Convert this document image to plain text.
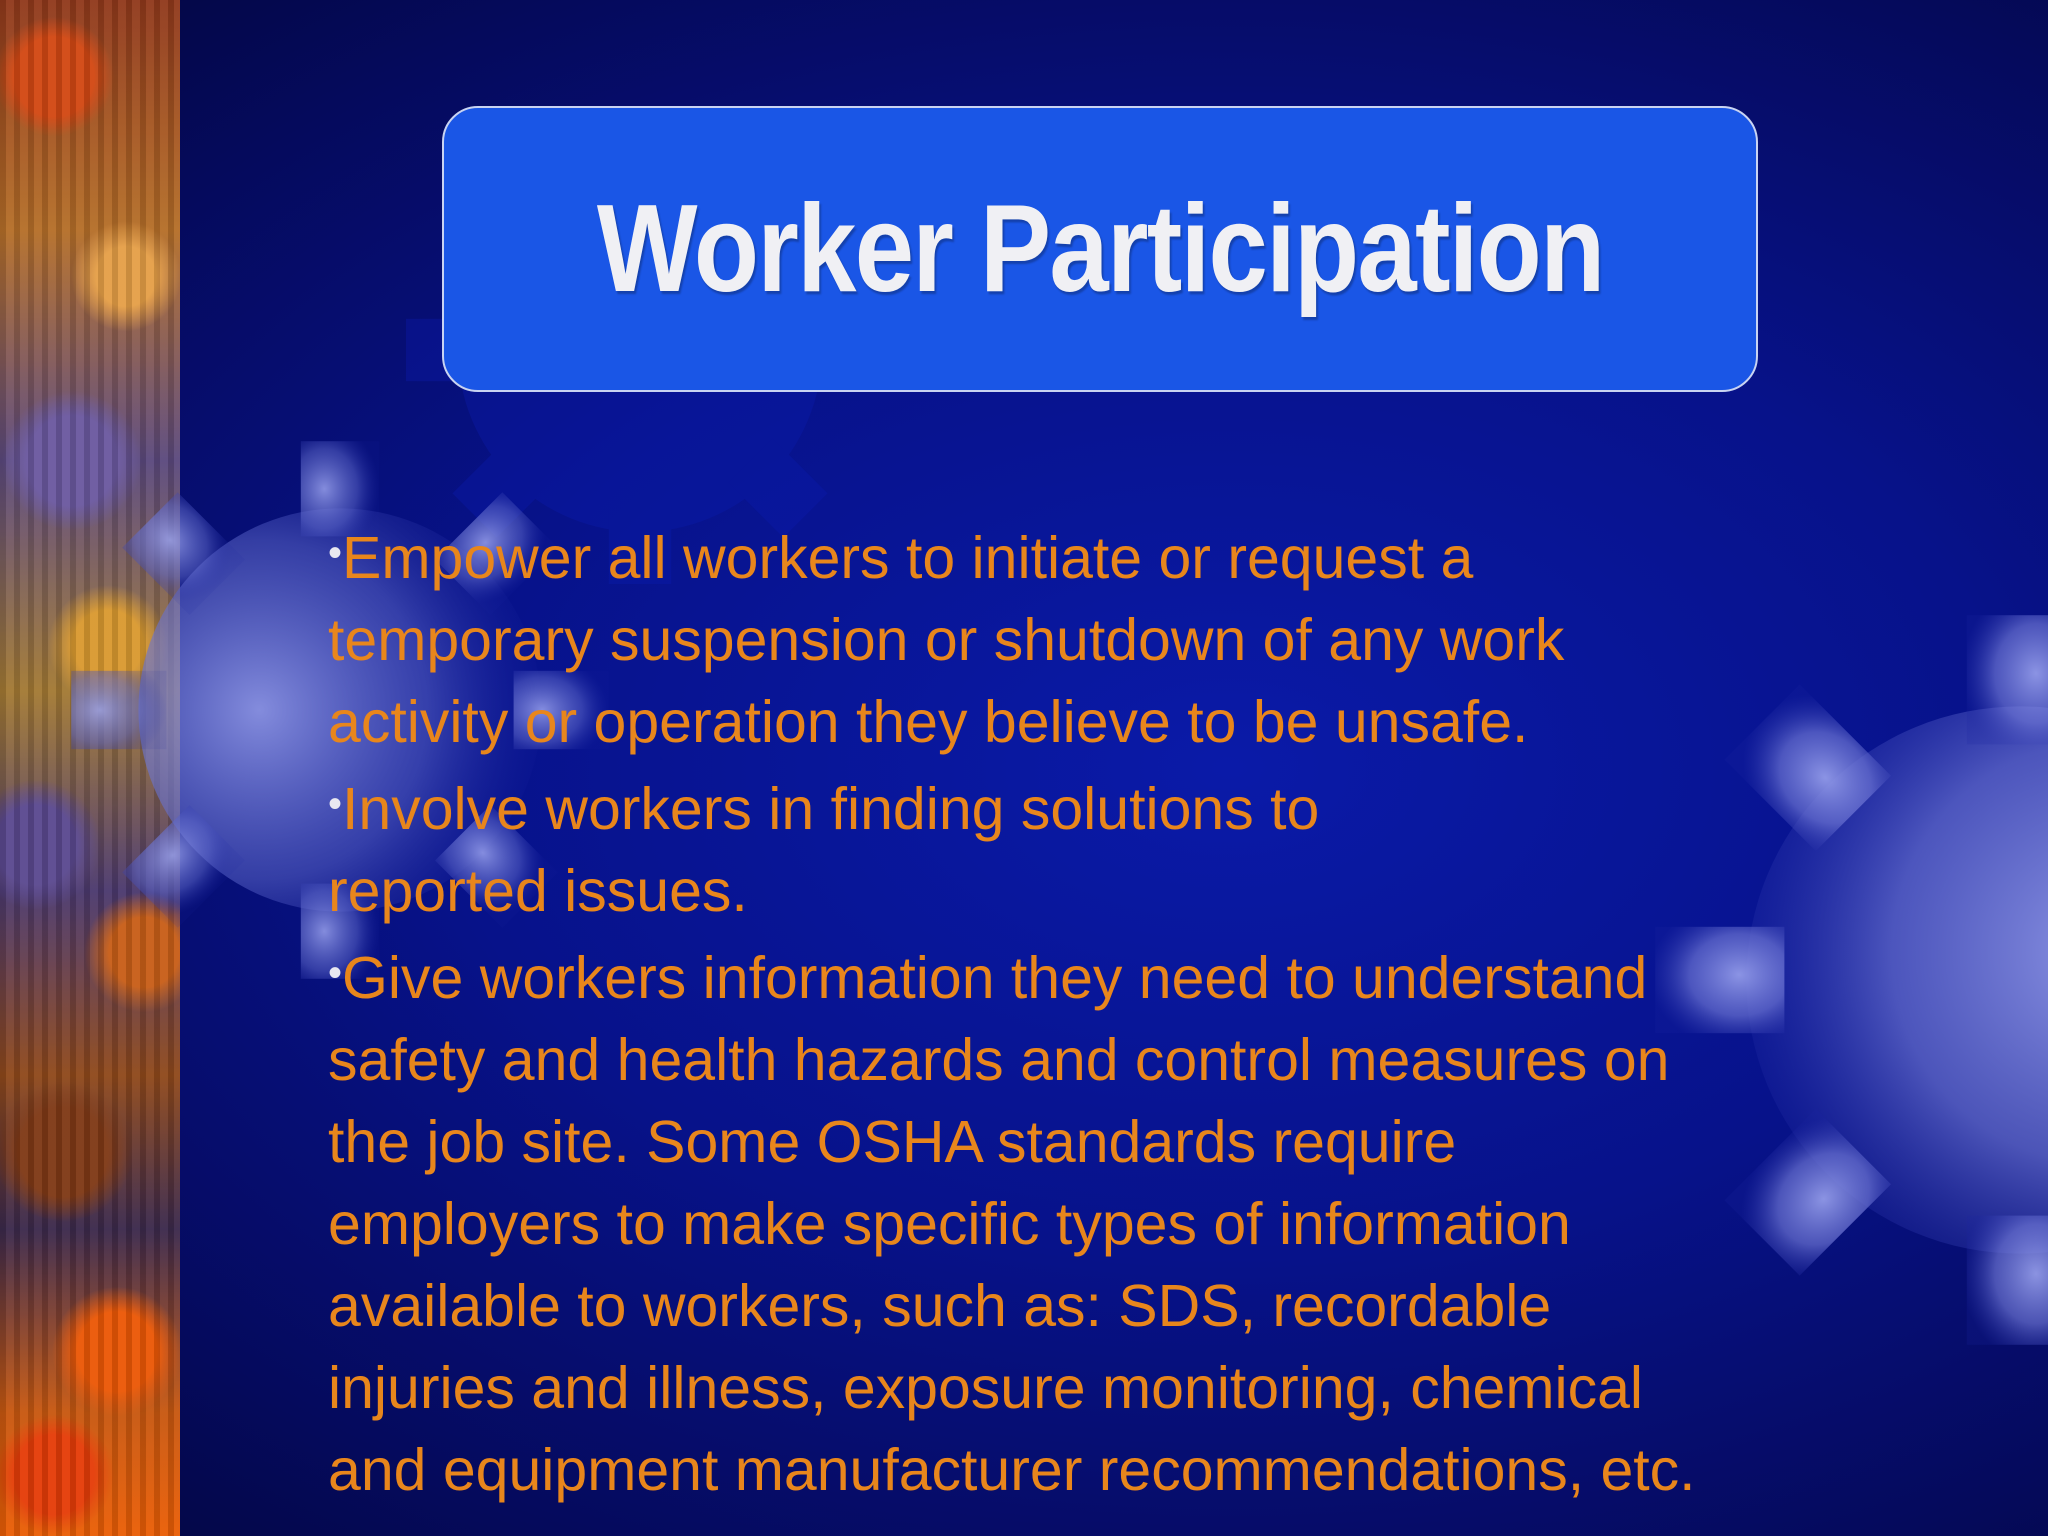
Worker Participation

•Empower all workers to initiate or request a
temporary suspension or shutdown of any work
activity or operation they believe to be unsafe.

•Involve workers in finding solutions to
reported issues.

•Give workers information they need to understand
safety and health hazards and control measures on
the job site. Some OSHA standards require
employers to make specific types of information
available to workers, such as: SDS, recordable
injuries and illness, exposure monitoring, chemical
and equipment manufacturer recommendations, etc.
